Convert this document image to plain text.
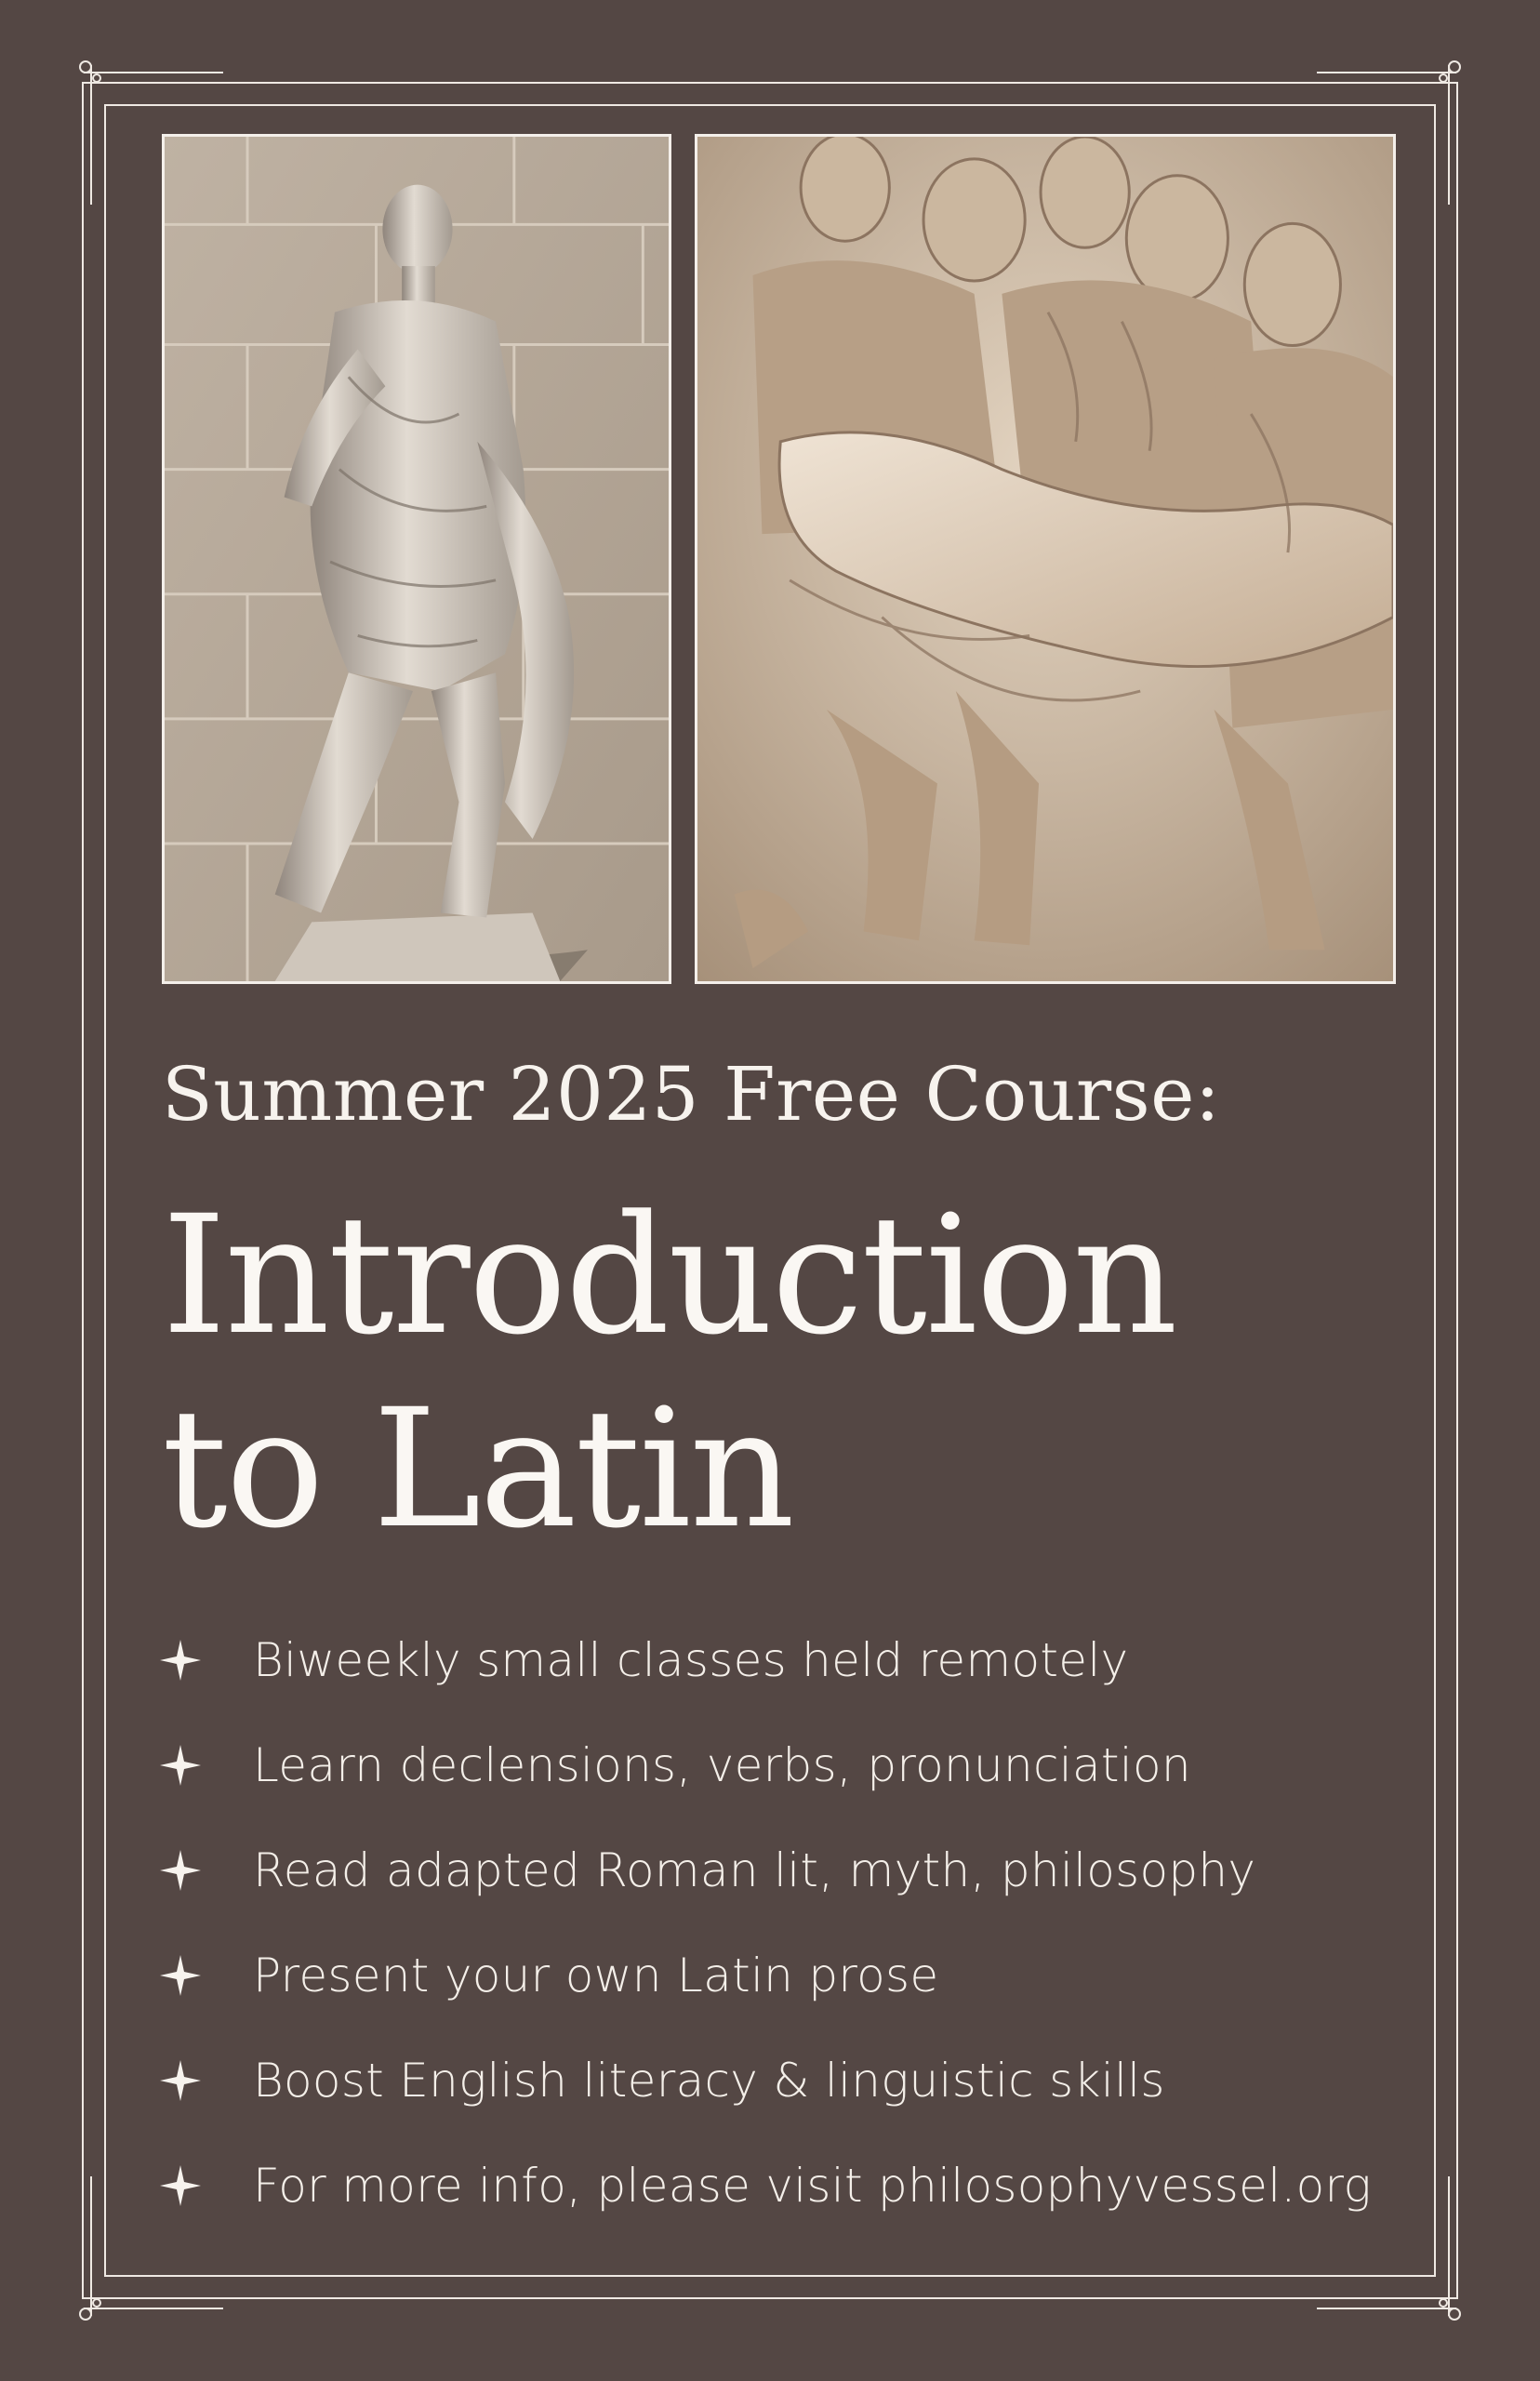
Summer 2025 Free Course:
Introduction
to Latin
Biweekly small classes held remotely
Learn declensions, verbs, pronunciation
Read adapted Roman lit, myth, philosophy
Present your own Latin prose
Boost English literacy & linguistic skills
For more info, please visit philosophyvessel.org
